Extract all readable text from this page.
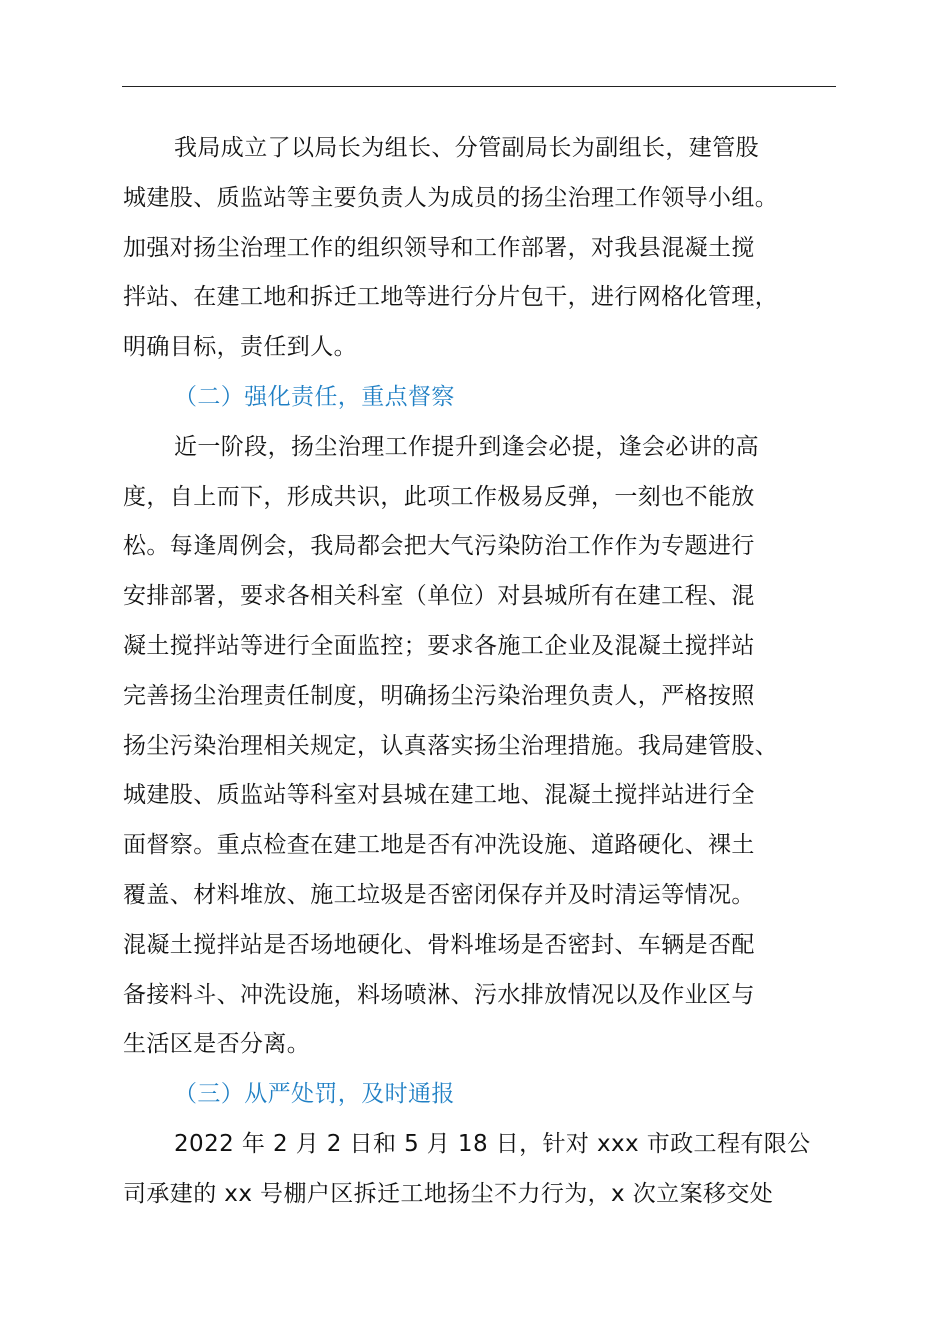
我局成立了以局长为组长、分管副局长为副组长，建管股
城建股、质监站等主要负责人为成员的扬尘治理工作领导小组。
加强对扬尘治理工作的组织领导和工作部署，对我县混凝土搅
拌站、在建工地和拆迁工地等进行分片包干，进行网格化管理，
明确目标，责任到人。
（二）强化责任，重点督察
近一阶段，扬尘治理工作提升到逢会必提，逢会必讲的高
度，自上而下，形成共识，此项工作极易反弹，一刻也不能放
松。每逢周例会，我局都会把大气污染防治工作作为专题进行
安排部署，要求各相关科室（单位）对县城所有在建工程、混
凝土搅拌站等进行全面监控；要求各施工企业及混凝土搅拌站
完善扬尘治理责任制度，明确扬尘污染治理负责人，严格按照
扬尘污染治理相关规定，认真落实扬尘治理措施。我局建管股、
城建股、质监站等科室对县城在建工地、混凝土搅拌站进行全
面督察。重点检查在建工地是否有冲洗设施、道路硬化、裸土
覆盖、材料堆放、施工垃圾是否密闭保存并及时清运等情况。
混凝土搅拌站是否场地硬化、骨料堆场是否密封、车辆是否配
备接料斗、冲洗设施，料场喷淋、污水排放情况以及作业区与
生活区是否分离。
（三）从严处罚，及时通报
2022 年 2 月 2 日和 5 月 18 日，针对 xxx 市政工程有限公
司承建的 xx 号棚户区拆迁工地扬尘不力行为，x 次立案移交处
